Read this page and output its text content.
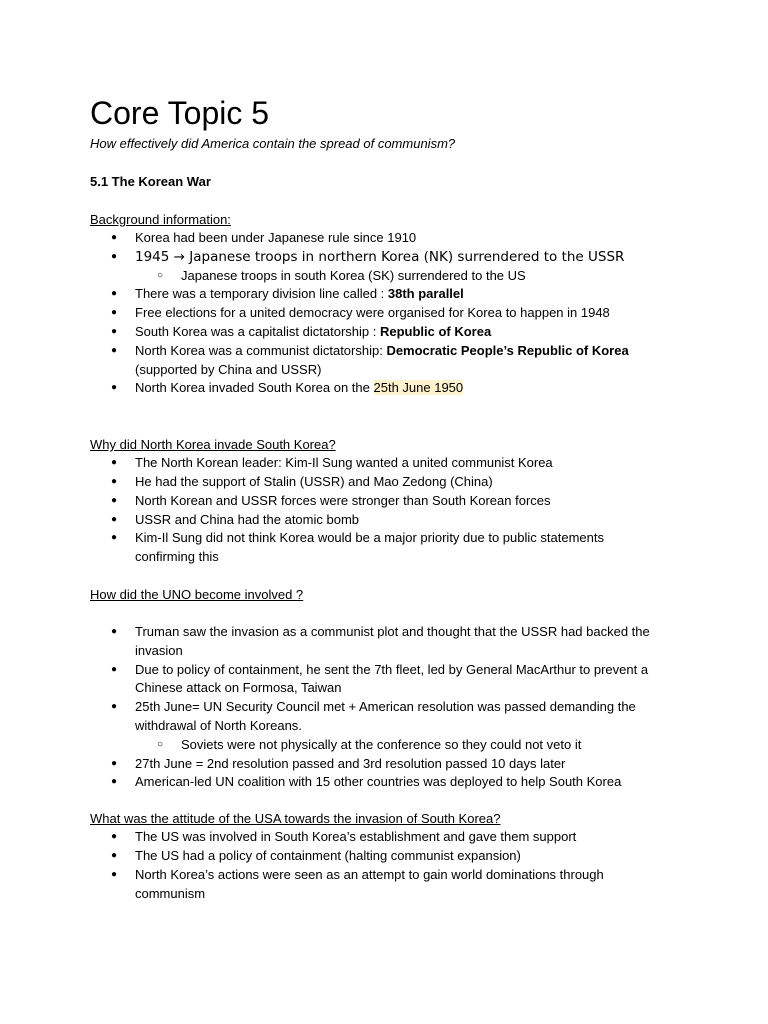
Core Topic 5
How effectively did America contain the spread of communism?
5.1 The Korean War
Background information:
● Korea had been under Japanese rule since 1910
● 1945 → Japanese troops in northern Korea (NK) surrendered to the USSR
○ Japanese troops in south Korea (SK) surrendered to the US
● There was a temporary division line called : 38th parallel
● Free elections for a united democracy were organised for Korea to happen in 1948
● South Korea was a capitalist dictatorship : Republic of Korea
● North Korea was a communist dictatorship: Democratic People’s Republic of Korea
(supported by China and USSR)
● North Korea invaded South Korea on the 25th June 1950
Why did North Korea invade South Korea?
● The North Korean leader: Kim-Il Sung wanted a united communist Korea
● He had the support of Stalin (USSR) and Mao Zedong (China)
● North Korean and USSR forces were stronger than South Korean forces
● USSR and China had the atomic bomb
● Kim-Il Sung did not think Korea would be a major priority due to public statements confirming this
How did the UNO become involved ?
● Truman saw the invasion as a communist plot and thought that the USSR had backed the invasion
● Due to policy of containment, he sent the 7th fleet, led by General MacArthur to prevent a Chinese attack on Formosa, Taiwan
● 25th June= UN Security Council met + American resolution was passed demanding the withdrawal of North Koreans.
○ Soviets were not physically at the conference so they could not veto it
● 27th June = 2nd resolution passed and 3rd resolution passed 10 days later
● American-led UN coalition with 15 other countries was deployed to help South Korea
What was the attitude of the USA towards the invasion of South Korea?
● The US was involved in South Korea’s establishment and gave them support
● The US had a policy of containment (halting communist expansion)
● North Korea’s actions were seen as an attempt to gain world dominations through communism
